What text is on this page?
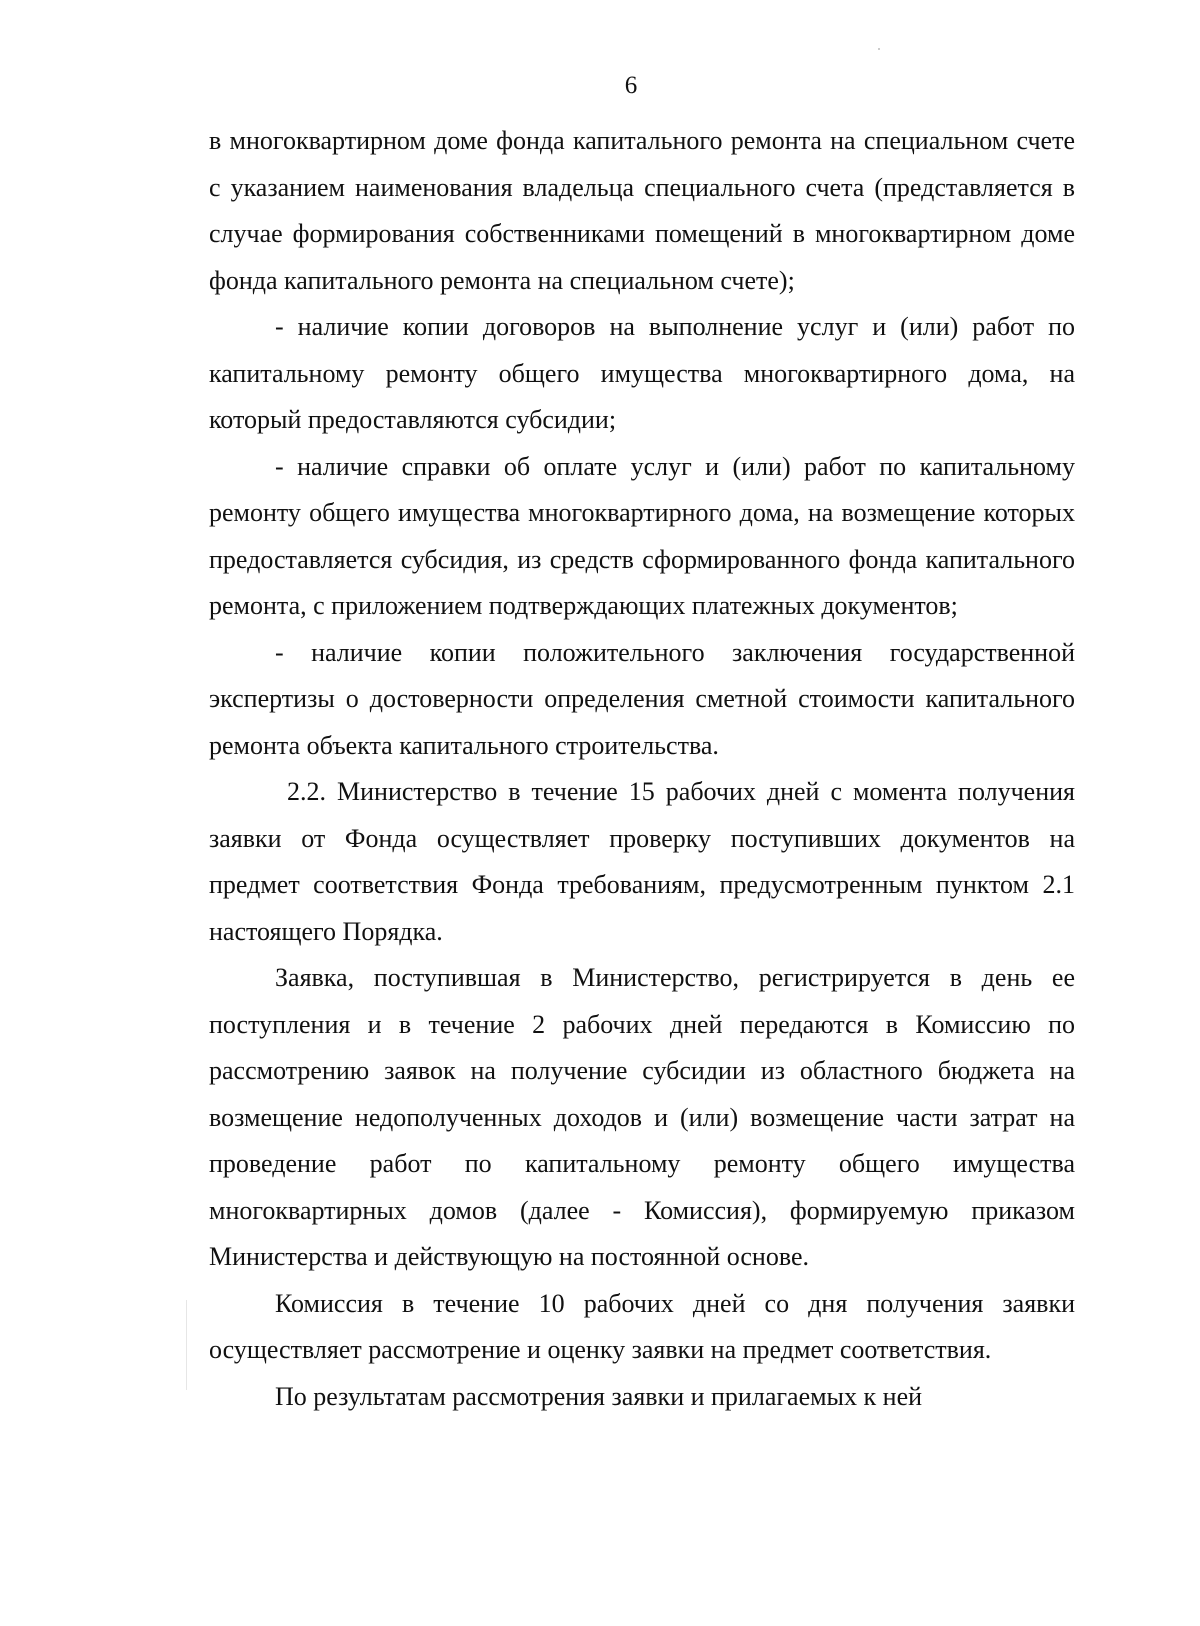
6

в многоквартирном доме фонда капитального ремонта на специальном счете с указанием наименования владельца специального счета (представляется в случае формирования собственниками помещений в многоквартирном доме фонда капитального ремонта на специальном счете);

- наличие копии договоров на выполнение услуг и (или) работ по капитальному ремонту общего имущества многоквартирного дома, на который предоставляются субсидии;

- наличие справки об оплате услуг и (или) работ по капитальному ремонту общего имущества многоквартирного дома, на возмещение которых предоставляется субсидия, из средств сформированного фонда капитального ремонта, с приложением подтверждающих платежных документов;

- наличие копии положительного заключения государственной экспертизы о достоверности определения сметной стоимости капитального ремонта объекта капитального строительства.

2.2. Министерство в течение 15 рабочих дней с момента получения заявки от Фонда осуществляет проверку поступивших документов на предмет соответствия Фонда требованиям, предусмотренным пунктом 2.1 настоящего Порядка.

Заявка, поступившая в Министерство, регистрируется в день ее поступления и в течение 2 рабочих дней передаются в Комиссию по рассмотрению заявок на получение субсидии из областного бюджета на возмещение недополученных доходов и (или) возмещение части затрат на проведение работ по капитальному ремонту общего имущества многоквартирных домов (далее - Комиссия), формируемую приказом Министерства и действующую на постоянной основе.

Комиссия в течение 10 рабочих дней со дня получения заявки осуществляет рассмотрение и оценку заявки на предмет соответствия.

По результатам рассмотрения заявки и прилагаемых к ней
